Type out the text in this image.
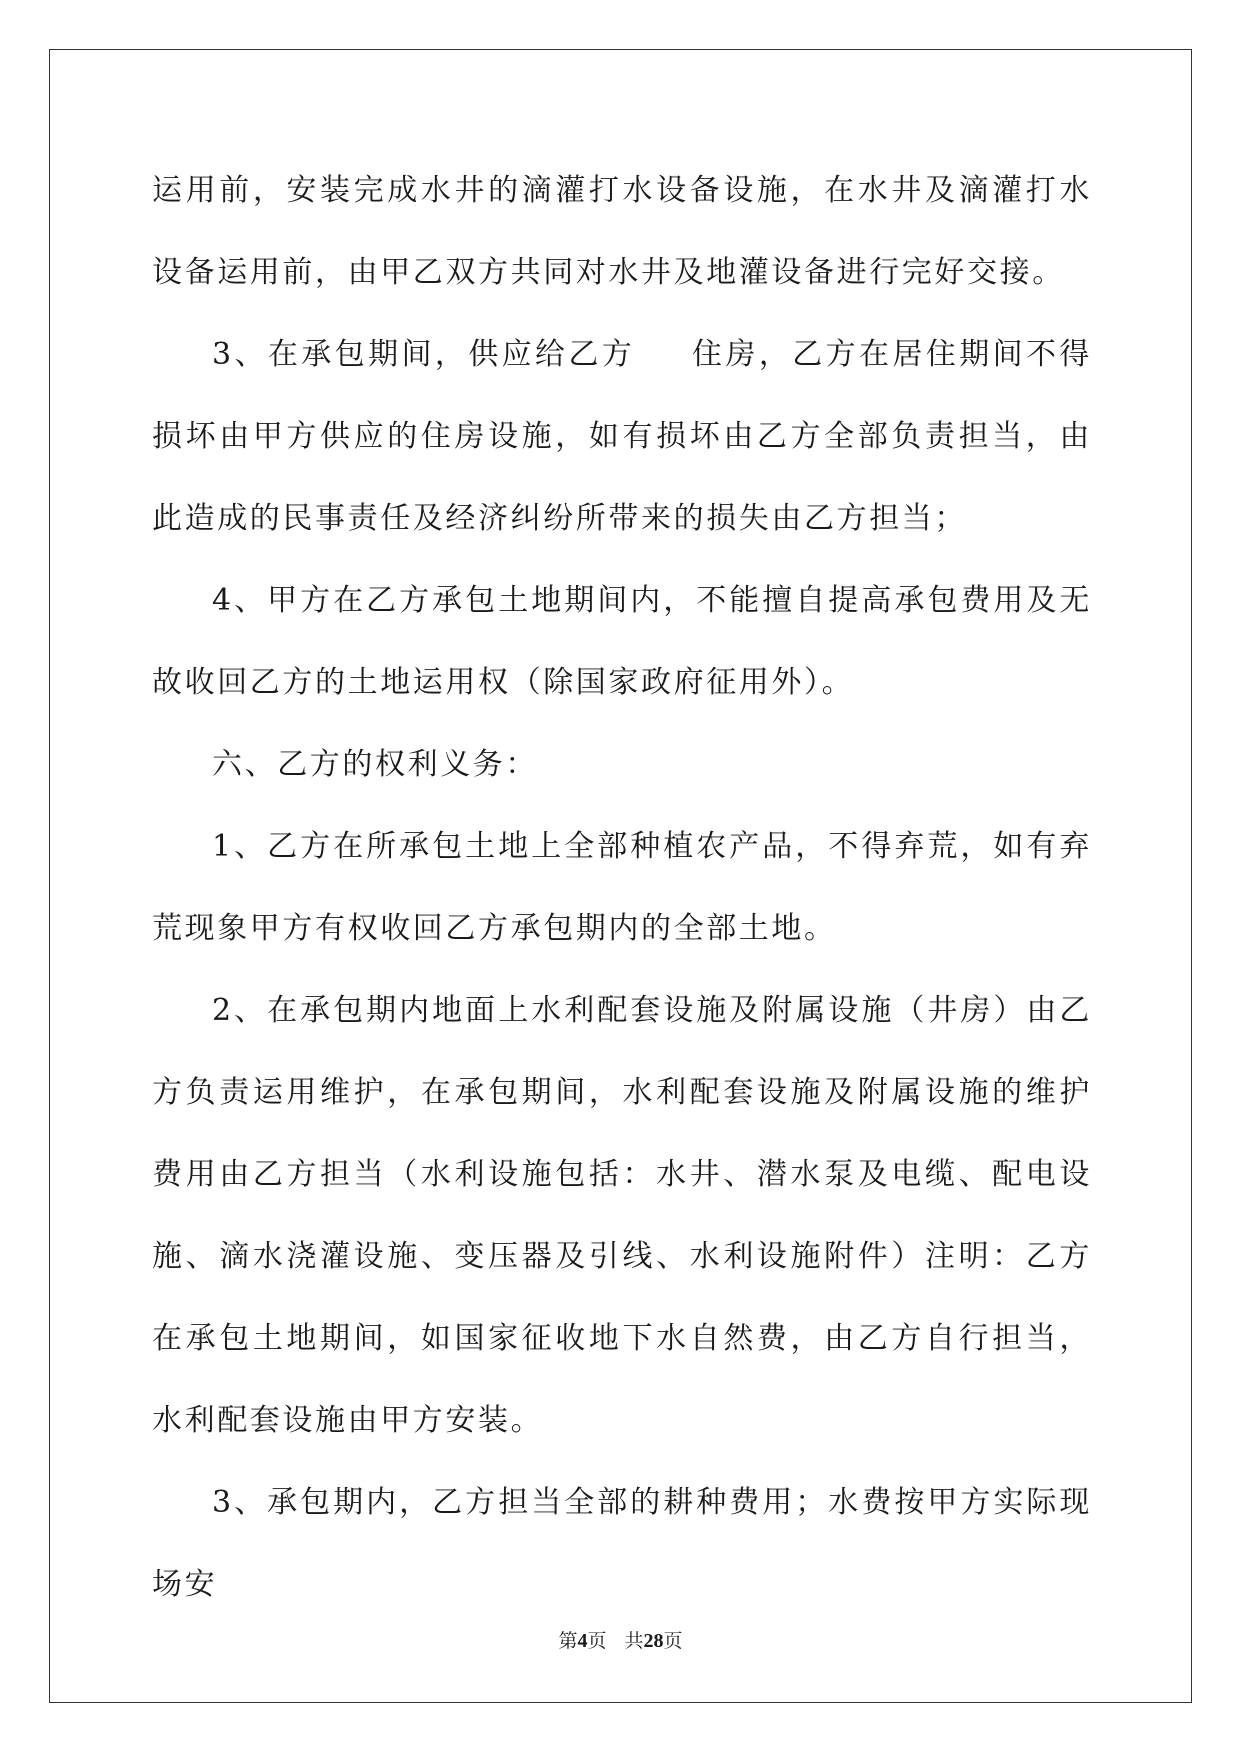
运用前，安装完成水井的滴灌打水设备设施，在水井及滴灌打水设备运用前，由甲乙双方共同对水井及地灌设备进行完好交接。

3、在承包期间，供应给乙方 住房，乙方在居住期间不得损坏由甲方供应的住房设施，如有损坏由乙方全部负责担当，由此造成的民事责任及经济纠纷所带来的损失由乙方担当；

4、甲方在乙方承包土地期间内，不能擅自提高承包费用及无故收回乙方的土地运用权（除国家政府征用外）。

六、乙方的权利义务：

1、乙方在所承包土地上全部种植农产品，不得弃荒，如有弃荒现象甲方有权收回乙方承包期内的全部土地。

2、在承包期内地面上水利配套设施及附属设施（井房）由乙方负责运用维护，在承包期间，水利配套设施及附属设施的维护费用由乙方担当（水利设施包括：水井、潜水泵及电缆、配电设施、滴水浇灌设施、变压器及引线、水利设施附件）注明：乙方在承包土地期间，如国家征收地下水自然费，由乙方自行担当，水利配套设施由甲方安装。

3、承包期内，乙方担当全部的耕种费用；水费按甲方实际现场安

第4页 共28页
